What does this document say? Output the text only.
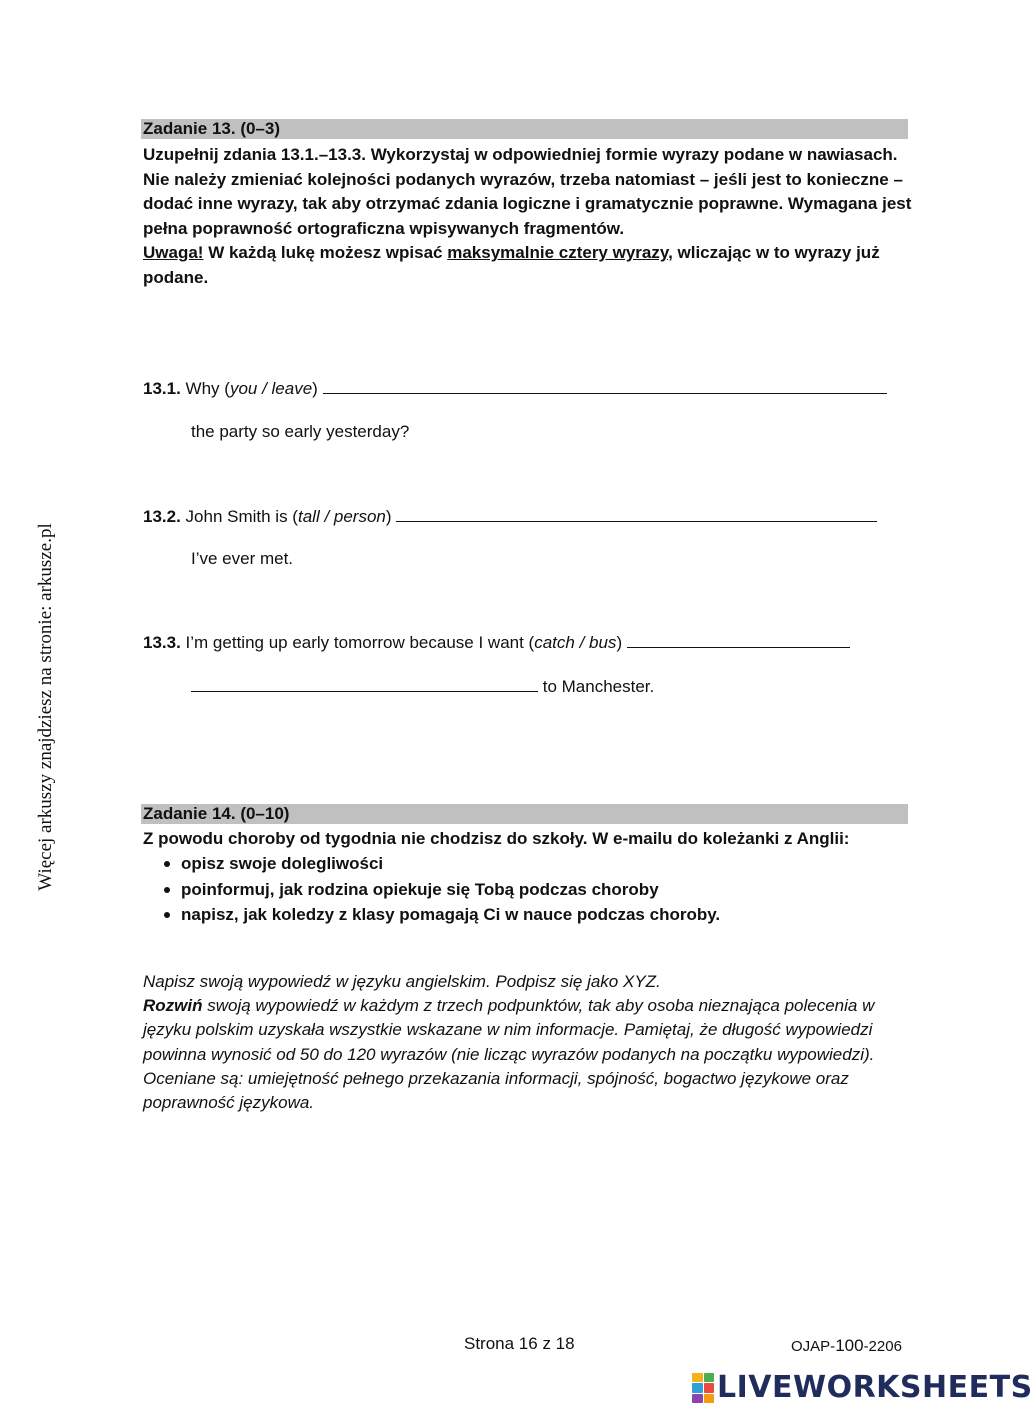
Więcej arkuszy znajdziesz na stronie: arkusze.pl
Zadanie 13. (0–3)

Uzupełnij zdania 13.1.–13.3. Wykorzystaj w odpowiedniej formie wyrazy podane w nawiasach. Nie należy zmieniać kolejności podanych wyrazów, trzeba natomiast – jeśli jest to konieczne – dodać inne wyrazy, tak aby otrzymać zdania logiczne i gramatycznie poprawne. Wymagana jest pełna poprawność ortograficzna wpisywanych fragmentów.

Uwaga! W każdą lukę możesz wpisać maksymalnie cztery wyrazy, wliczając w to wyrazy już podane.

13.1. Why (you / leave)
the party so early yesterday?
13.2. John Smith is (tall / person)
I’ve ever met.
13.3. I’m getting up early tomorrow because I want (catch / bus)
to Manchester.
Zadanie 14. (0–10)
Z powodu choroby od tygodnia nie chodzisz do szkoły. W e-mailu do koleżanki z Anglii:
opisz swoje dolegliwości
poinformuj, jak rodzina opiekuje się Tobą podczas choroby
napisz, jak koledzy z klasy pomagają Ci w nauce podczas choroby.

Napisz swoją wypowiedź w języku angielskim. Podpisz się jako XYZ.

Rozwiń swoją wypowiedź w każdym z trzech podpunktów, tak aby osoba nieznająca polecenia w języku polskim uzyskała wszystkie wskazane w nim informacje. Pamiętaj, że długość wypowiedzi powinna wynosić od 50 do 120 wyrazów (nie licząc wyrazów podanych na początku wypowiedzi). Oceniane są: umiejętność pełnego przekazania informacji, spójność, bogactwo językowe oraz poprawność językowa.

Strona 16 z 18	OJAP-100-2206
LIVEWORKSHEETS
